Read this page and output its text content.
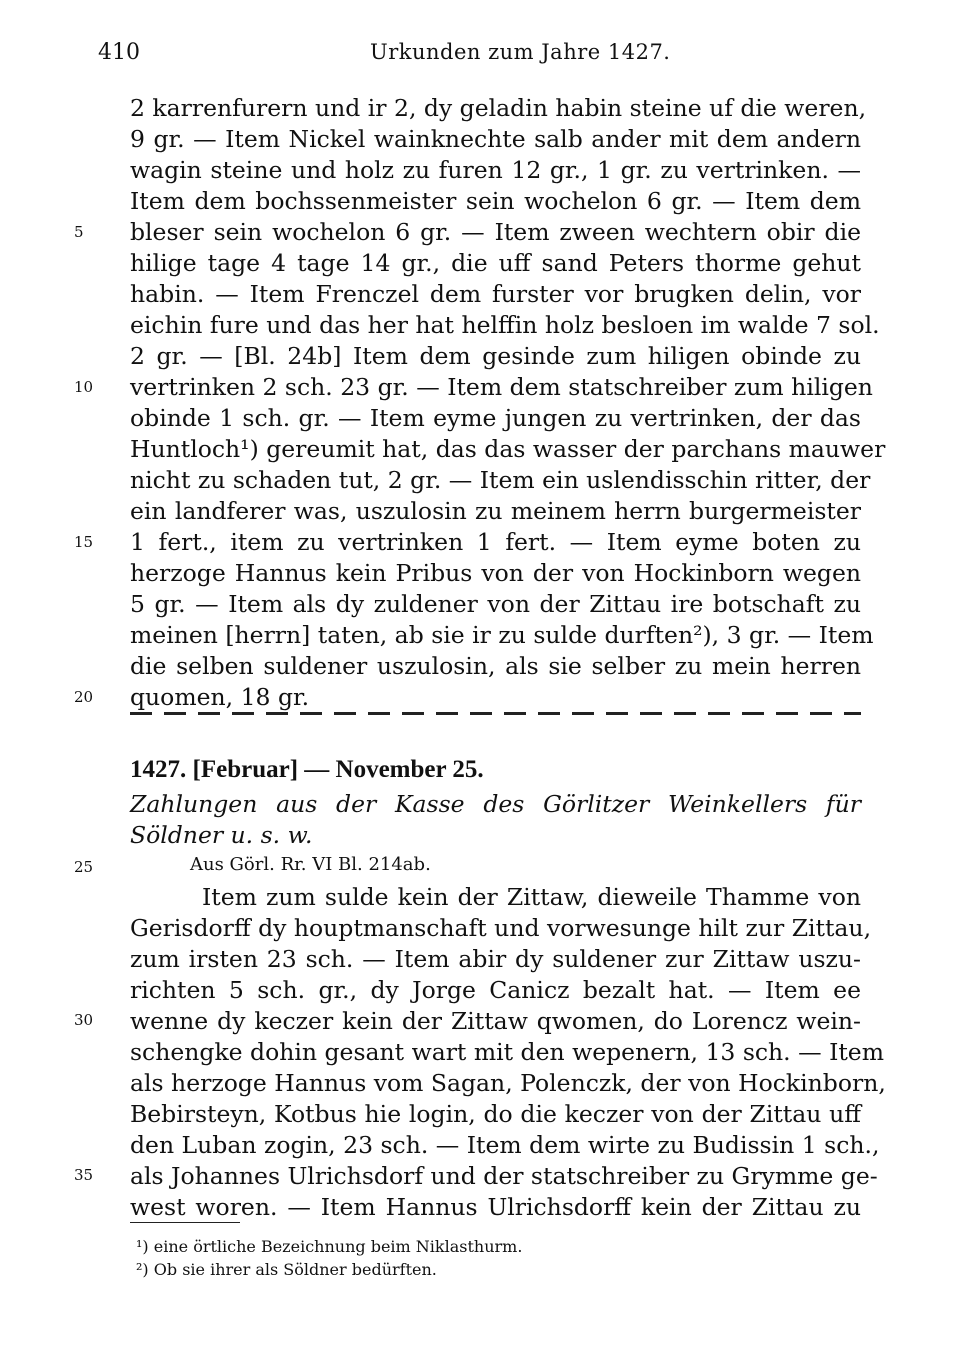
410	Urkunden zum Jahre 1427.
2 karrenfurern und ir 2, dy geladin habin steine uf die weren,
9 gr. — Item Nickel wainknechte salb ander mit dem andern
wagin steine und holz zu furen 12 gr., 1 gr. zu vertrinken. —
Item dem bochssenmeister sein wochelon 6 gr. — Item dem
bleser sein wochelon 6 gr. — Item zween wechtern obir die
hilige tage 4 tage 14 gr., die uff sand Peters thorme gehut
habin. — Item Frenczel dem furster vor brugken delin, vor
eichin fure und das her hat helffin holz besloen im walde 7 sol.
2 gr. — [Bl. 24b] Item dem gesinde zum hiligen obinde zu
vertrinken 2 sch. 23 gr. — Item dem statschreiber zum hiligen
obinde 1 sch. gr. — Item eyme jungen zu vertrinken, der das
Huntloch¹) gereumit hat, das das wasser der parchans mauwer
nicht zu schaden tut, 2 gr. — Item ein uslendisschin ritter, der
ein landferer was, uszulosin zu meinem herrn burgermeister
1 fert., item zu vertrinken 1 fert. — Item eyme boten zu
herzoge Hannus kein Pribus von der von Hockinborn wegen
5 gr. — Item als dy zuldener von der Zittau ire botschaft zu
meinen [herrn] taten, ab sie ir zu sulde durften²), 3 gr. — Item
die selben suldener uszulosin, als sie selber zu mein herren
quomen, 18 gr.
5
10
15
20
25
30
35
1427. [Februar] — November 25.
Zahlungen aus der Kasse des Görlitzer Weinkellers für
Söldner u. s. w.
Aus Görl. Rr. VI Bl. 214ab.
Item zum sulde kein der Zittaw, dieweile Thamme von
Gerisdorff dy houptmanschaft und vorwesunge hilt zur Zittau,
zum irsten 23 sch. — Item abir dy suldener zur Zittaw uszu-
richten 5 sch. gr., dy Jorge Canicz bezalt hat. — Item ee
wenne dy keczer kein der Zittaw qwomen, do Lorencz wein-
schengke dohin gesant wart mit den wepenern, 13 sch. — Item
als herzoge Hannus vom Sagan, Polenczk, der von Hockinborn,
Bebirsteyn, Kotbus hie login, do die keczer von der Zittau uff
den Luban zogin, 23 sch. — Item dem wirte zu Budissin 1 sch.,
als Johannes Ulrichsdorf und der statschreiber zu Grymme ge-
west woren. — Item Hannus Ulrichsdorff kein der Zittau zu
¹) eine örtliche Bezeichnung beim Niklasthurm.
²) Ob sie ihrer als Söldner bedürften.
